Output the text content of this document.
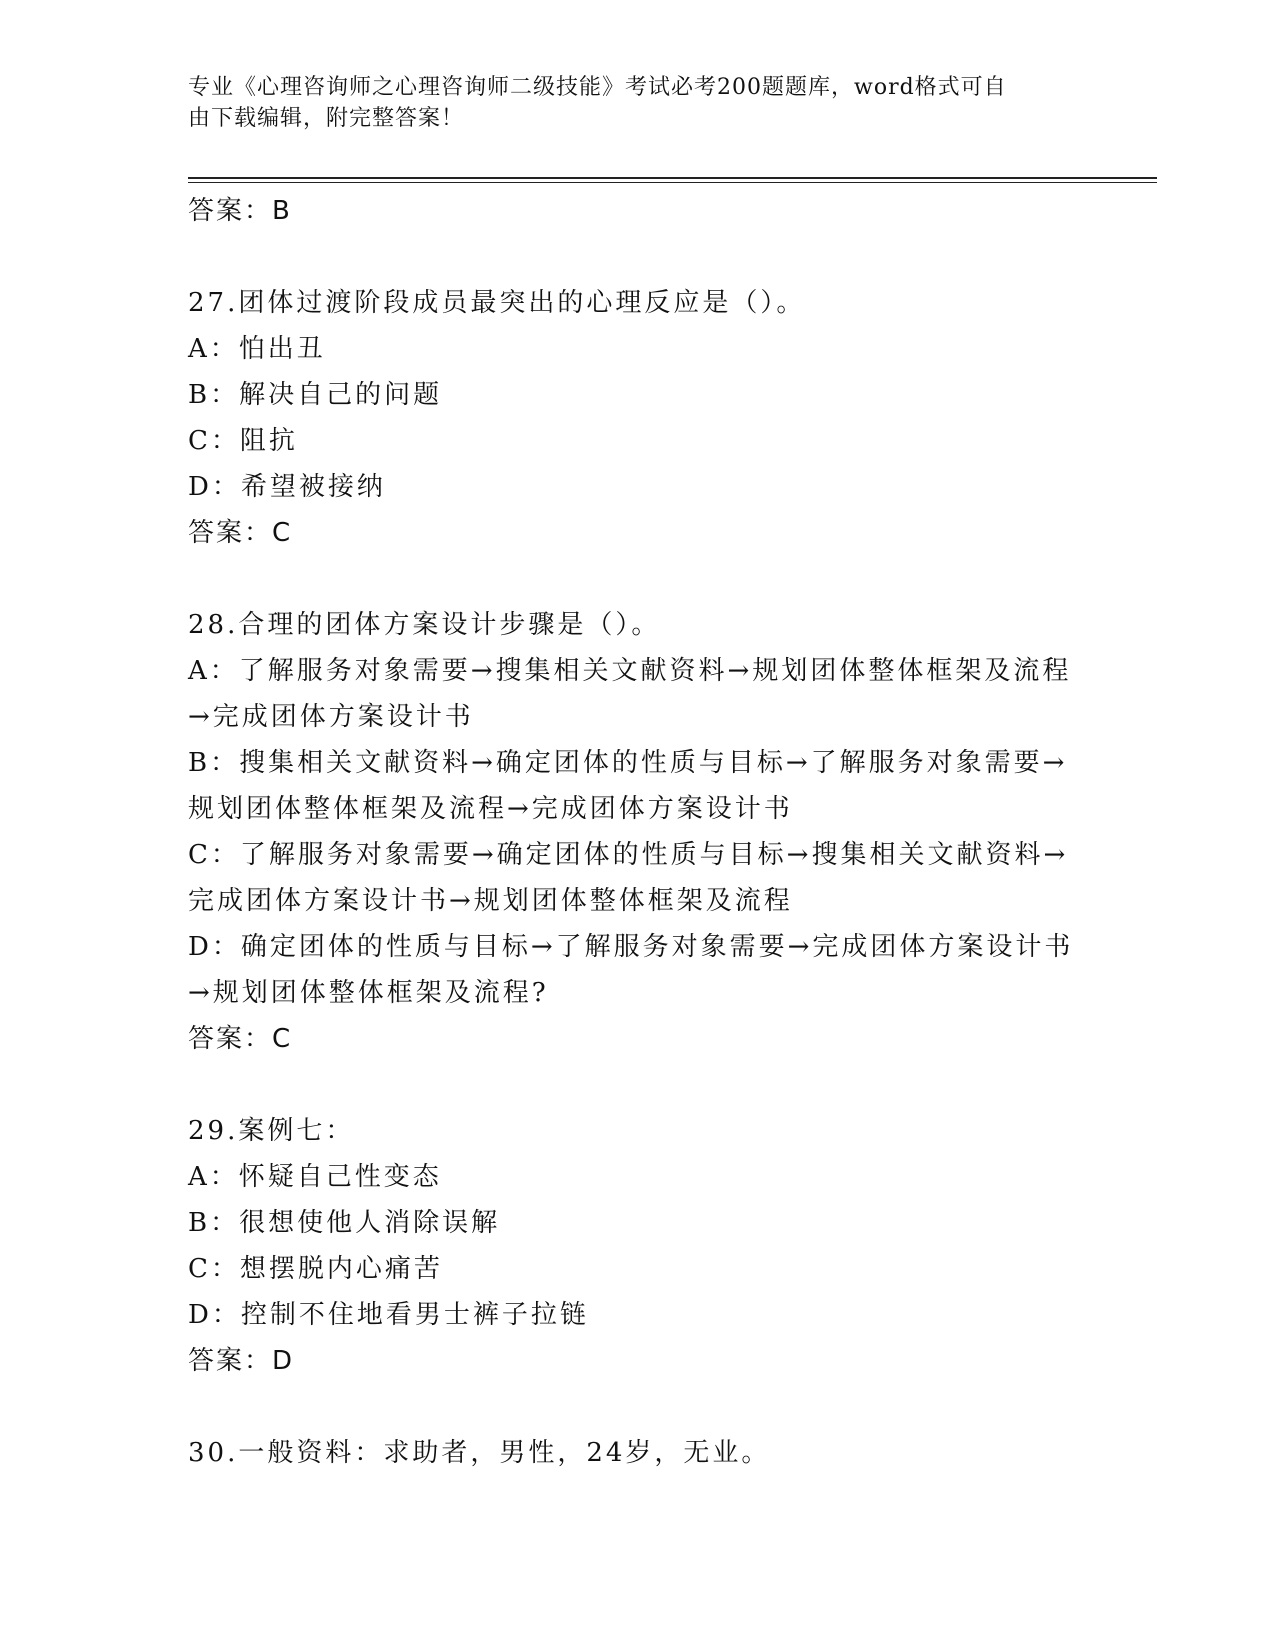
专业《心理咨询师之心理咨询师二级技能》考试必考200题题库，word格式可自
由下载编辑，附完整答案！
答案：B
27.团体过渡阶段成员最突出的心理反应是（）。
A：怕出丑
B：解决自己的问题
C：阻抗
D：希望被接纳
答案：C
28.合理的团体方案设计步骤是（）。
A：了解服务对象需要→搜集相关文献资料→规划团体整体框架及流程
→完成团体方案设计书
B：搜集相关文献资料→确定团体的性质与目标→了解服务对象需要→
规划团体整体框架及流程→完成团体方案设计书
C：了解服务对象需要→确定团体的性质与目标→搜集相关文献资料→
完成团体方案设计书→规划团体整体框架及流程
D：确定团体的性质与目标→了解服务对象需要→完成团体方案设计书
→规划团体整体框架及流程?
答案：C
29.案例七：
A：怀疑自己性变态
B：很想使他人消除误解
C：想摆脱内心痛苦
D：控制不住地看男士裤子拉链
答案：D
30.一般资料：求助者，男性，24岁，无业。
